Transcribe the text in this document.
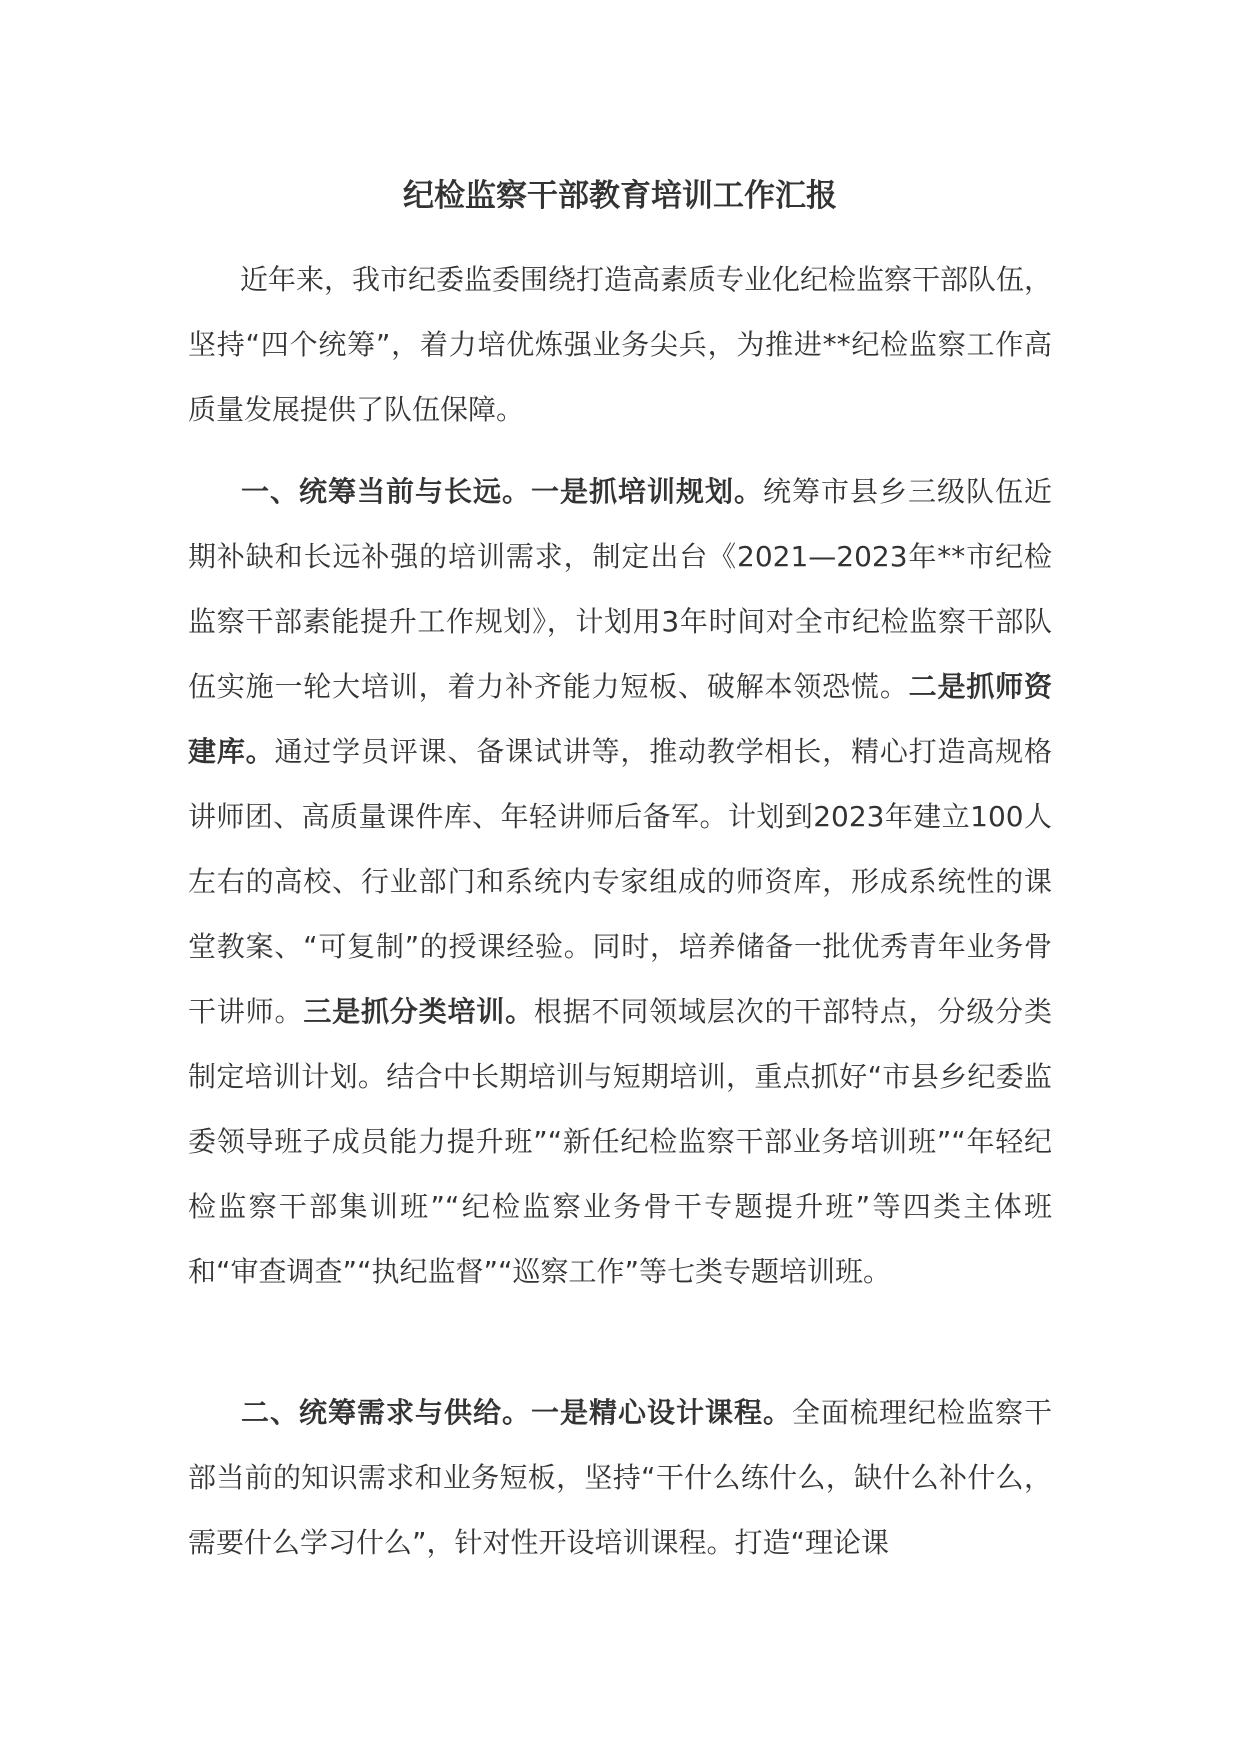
纪检监察干部教育培训工作汇报

近年来，我市纪委监委围绕打造高素质专业化纪检监察干部队伍，坚持“四个统筹”，着力培优炼强业务尖兵，为推进**纪检监察工作高质量发展提供了队伍保障。

一、统筹当前与长远。一是抓培训规划。统筹市县乡三级队伍近期补缺和长远补强的培训需求，制定出台《2021—2023年**市纪检监察干部素能提升工作规划》，计划用3年时间对全市纪检监察干部队伍实施一轮大培训，着力补齐能力短板、破解本领恐慌。二是抓师资建库。通过学员评课、备课试讲等，推动教学相长，精心打造高规格讲师团、高质量课件库、年轻讲师后备军。计划到2023年建立100人左右的高校、行业部门和系统内专家组成的师资库，形成系统性的课堂教案、“可复制”的授课经验。同时，培养储备一批优秀青年业务骨干讲师。三是抓分类培训。根据不同领域层次的干部特点，分级分类制定培训计划。结合中长期培训与短期培训，重点抓好“市县乡纪委监委领导班子成员能力提升班”“新任纪检监察干部业务培训班”“年轻纪检监察干部集训班”“纪检监察业务骨干专题提升班”等四类主体班和“审查调查”“执纪监督”“巡察工作”等七类专题培训班。

二、统筹需求与供给。一是精心设计课程。全面梳理纪检监察干部当前的知识需求和业务短板，坚持“干什么练什么，缺什么补什么，需要什么学习什么”，针对性开设培训课程。打造“理论课
